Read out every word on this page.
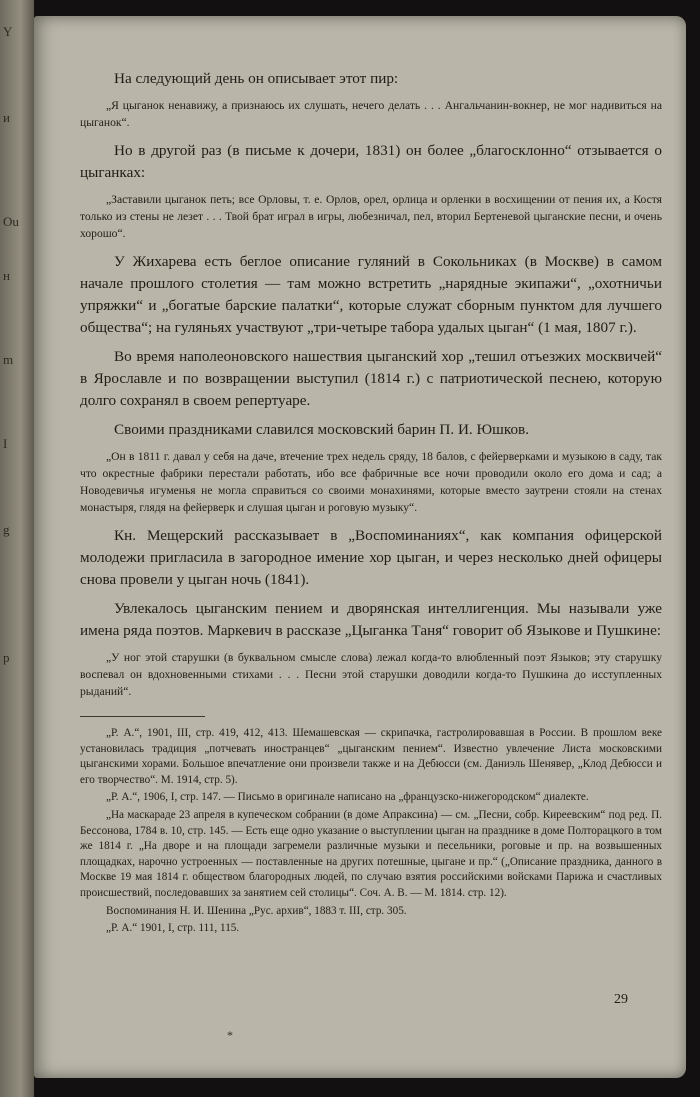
Y
и
Ou
н
m
I
g
p

На следующий день он описывает этот пир:

„Я цыганок ненавижу, а признаюсь их слушать, нечего делать . . . Ангальчанин-вокнер, не мог надивиться на цыганок“.

Но в другой раз (в письме к дочери, 1831) он более „благосклонно“ отзывается о цыганках:

„Заставили цыганок петь; все Орловы, т. е. Орлов, орел, орлица и орленки в восхищении от пения их, а Костя только из стены не лезет . . . Твой брат играл в игры, любезничал, пел, вторил Бертеневой цыганские песни, и очень хорошо“.

У Жихарева есть беглое описание гуляний в Сокольниках (в Москве) в самом начале прошлого столетия — там можно встретить „нарядные экипажи“, „охотничьи упряжки“ и „богатые барские палатки“, которые служат сборным пунктом для лучшего общества“; на гуляньях участвуют „три-четыре табора удалых цыган“ (1 мая, 1807 г.).

Во время наполеоновского нашествия цыганский хор „тешил отъезжих москвичей“ в Ярославле и по возвращении выступил (1814 г.) с патриотической песнею, которую долго сохранял в своем репертуаре.

Своими праздниками славился московский барин П. И. Юшков.

„Он в 1811 г. давал у себя на даче, втечение трех недель сряду, 18 балов, с фейерверками и музыкою в саду, так что окрестные фабрики перестали работать, ибо все фабричные все ночи проводили около его дома и сад; а Новодевичья игуменья не могла справиться со своими монахинями, которые вместо заутрени стояли на стенах монастыря, глядя на фейерверк и слушая цыган и роговую музыку“.

Кн. Мещерский рассказывает в „Воспоминаниях“, как компания офицерской молодежи пригласила в загородное имение хор цыган, и через несколько дней офицеры снова провели у цыган ночь (1841).

Увлекалось цыганским пением и дворянская интеллигенция. Мы называли уже имена ряда поэтов. Маркевич в рассказе „Цыганка Таня“ говорит об Языкове и Пушкине:

„У ног этой старушки (в буквальном смысле слова) лежал когда-то влюбленный поэт Языков; эту старушку воспевал он вдохновенными стихами . . . Песни этой старушки доводили когда-то Пушкина до исступленных рыданий“.

„Р. А.“, 1901, III, стр. 419, 412, 413. Шемашевская — скрипачка, гастролировавшая в России. В прошлом веке установилась традиция „потчевать иностранцев“ „цыганским пением“. Известно увлечение Листа московскими цыганскими хорами. Большое впечатление они произвели также и на Дебюсси (см. Даниэль Шенявер, „Клод Дебюсси и его творчество“. М. 1914, стр. 5).

„Р. А.“, 1906, I, стр. 147. — Письмо в оригинале написано на „французско-нижегородском“ диалекте.

„На маскараде 23 апреля в купеческом собрании (в доме Апраксина) — см. „Песни, собр. Киреевским“ под ред. П. Бессонова, 1784 в. 10, стр. 145. — Есть еще одно указание о выступлении цыган на празднике в доме Полторацкого в том же 1814 г. „На дворе и на площади загремели различные музыки и песельники, роговые и пр. на возвышенных площадках, нарочно устроенных — поставленные на других потешные, цыгане и пр.“ („Описание праздника, данного в Москве 19 мая 1814 г. обществом благородных людей, по случаю взятия российскими войсками Парижа и счастливых происшествий, последовавших за занятием сей столицы“. Соч. А. В. — М. 1814. стр. 12).

Воспоминания Н. И. Шенина „Рус. архив“, 1883 т. III, стр. 305.

„Р. А.“ 1901, I, стр. 111, 115.

29
*
